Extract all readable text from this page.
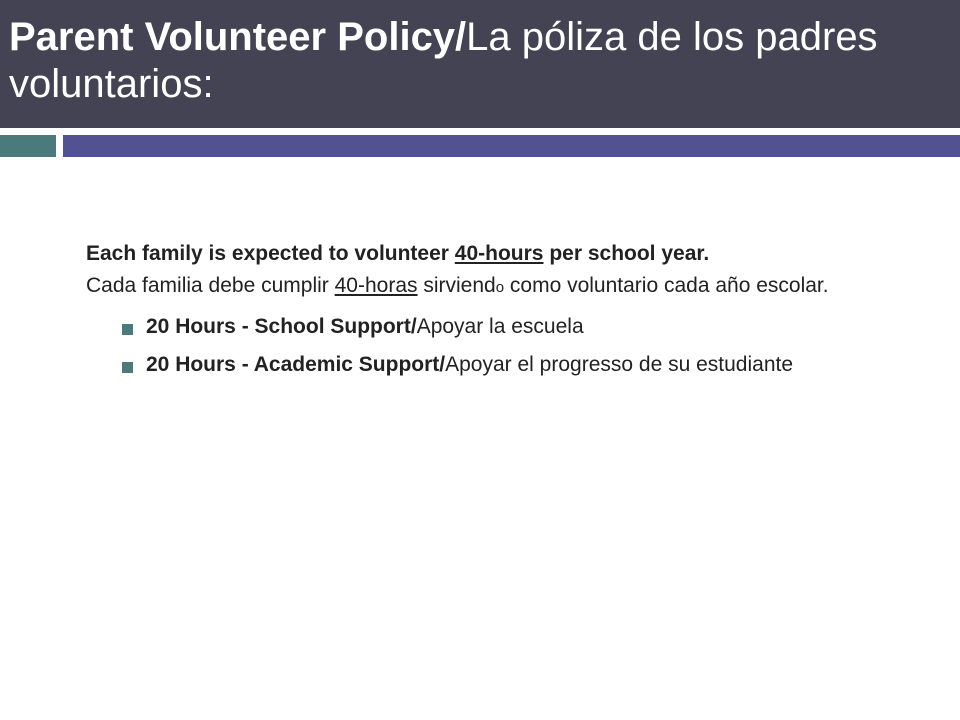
Parent Volunteer Policy/La póliza de los padres voluntarios:

Each family is expected to volunteer 40-hours per school year.

Cada familia debe cumplir 40-horas sirviendo como voluntario cada año escolar.

20 Hours - School Support/Apoyar la escuela
20 Hours - Academic Support/Apoyar el progresso de su estudiante
